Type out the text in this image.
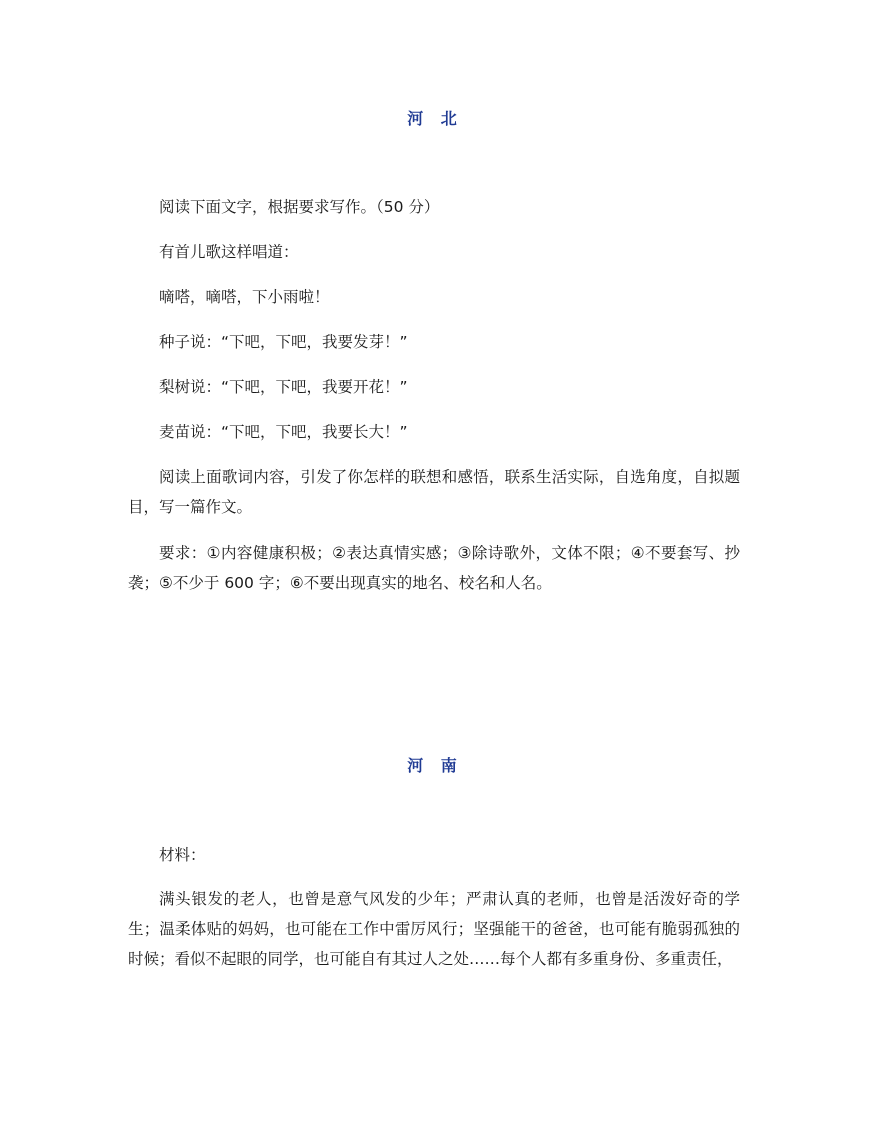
河 北

阅读下面文字，根据要求写作。（50 分）

有首儿歌这样唱道：

嘀嗒，嘀嗒，下小雨啦！

种子说：“下吧，下吧，我要发芽！”

梨树说：“下吧，下吧，我要开花！”

麦苗说：“下吧，下吧，我要长大！”

阅读上面歌词内容，引发了你怎样的联想和感悟，联系生活实际，自选角度，自拟题目，写一篇作文。

要求：①内容健康积极；②表达真情实感；③除诗歌外，文体不限；④不要套写、抄袭；⑤不少于 600 字；⑥不要出现真实的地名、校名和人名。

河 南

材料：

满头银发的老人，也曾是意气风发的少年；严肃认真的老师，也曾是活泼好奇的学生；温柔体贴的妈妈，也可能在工作中雷厉风行；坚强能干的爸爸，也可能有脆弱孤独的时候；看似不起眼的同学，也可能自有其过人之处……每个人都有多重身份、多重责任，
